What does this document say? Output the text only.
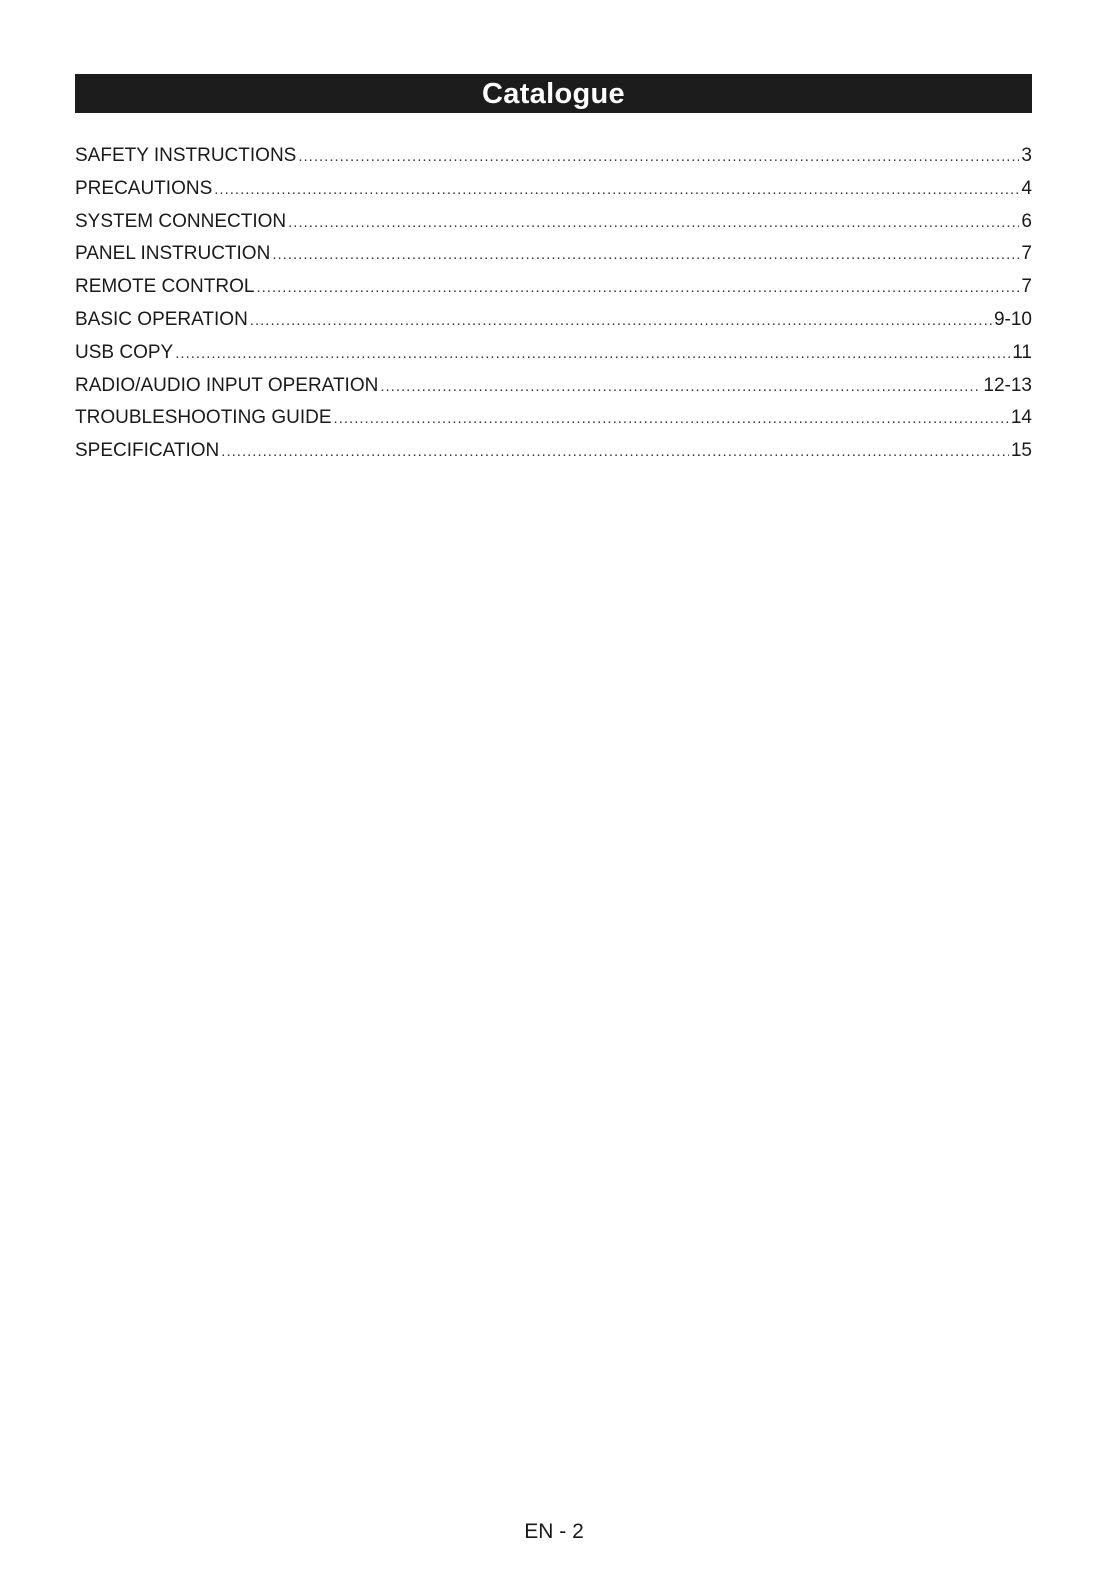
Catalogue
SAFETY INSTRUCTIONS .....	3
PRECAUTIONS .....	4
SYSTEM CONNECTION .....	6
PANEL INSTRUCTION .....	7
REMOTE CONTROL .....	7
BASIC OPERATION .....	9-10
USB COPY .....	11
RADIO/AUDIO INPUT OPERATION .....	12-13
TROUBLESHOOTING GUIDE .....	14
SPECIFICATION .....	15
EN - 2
